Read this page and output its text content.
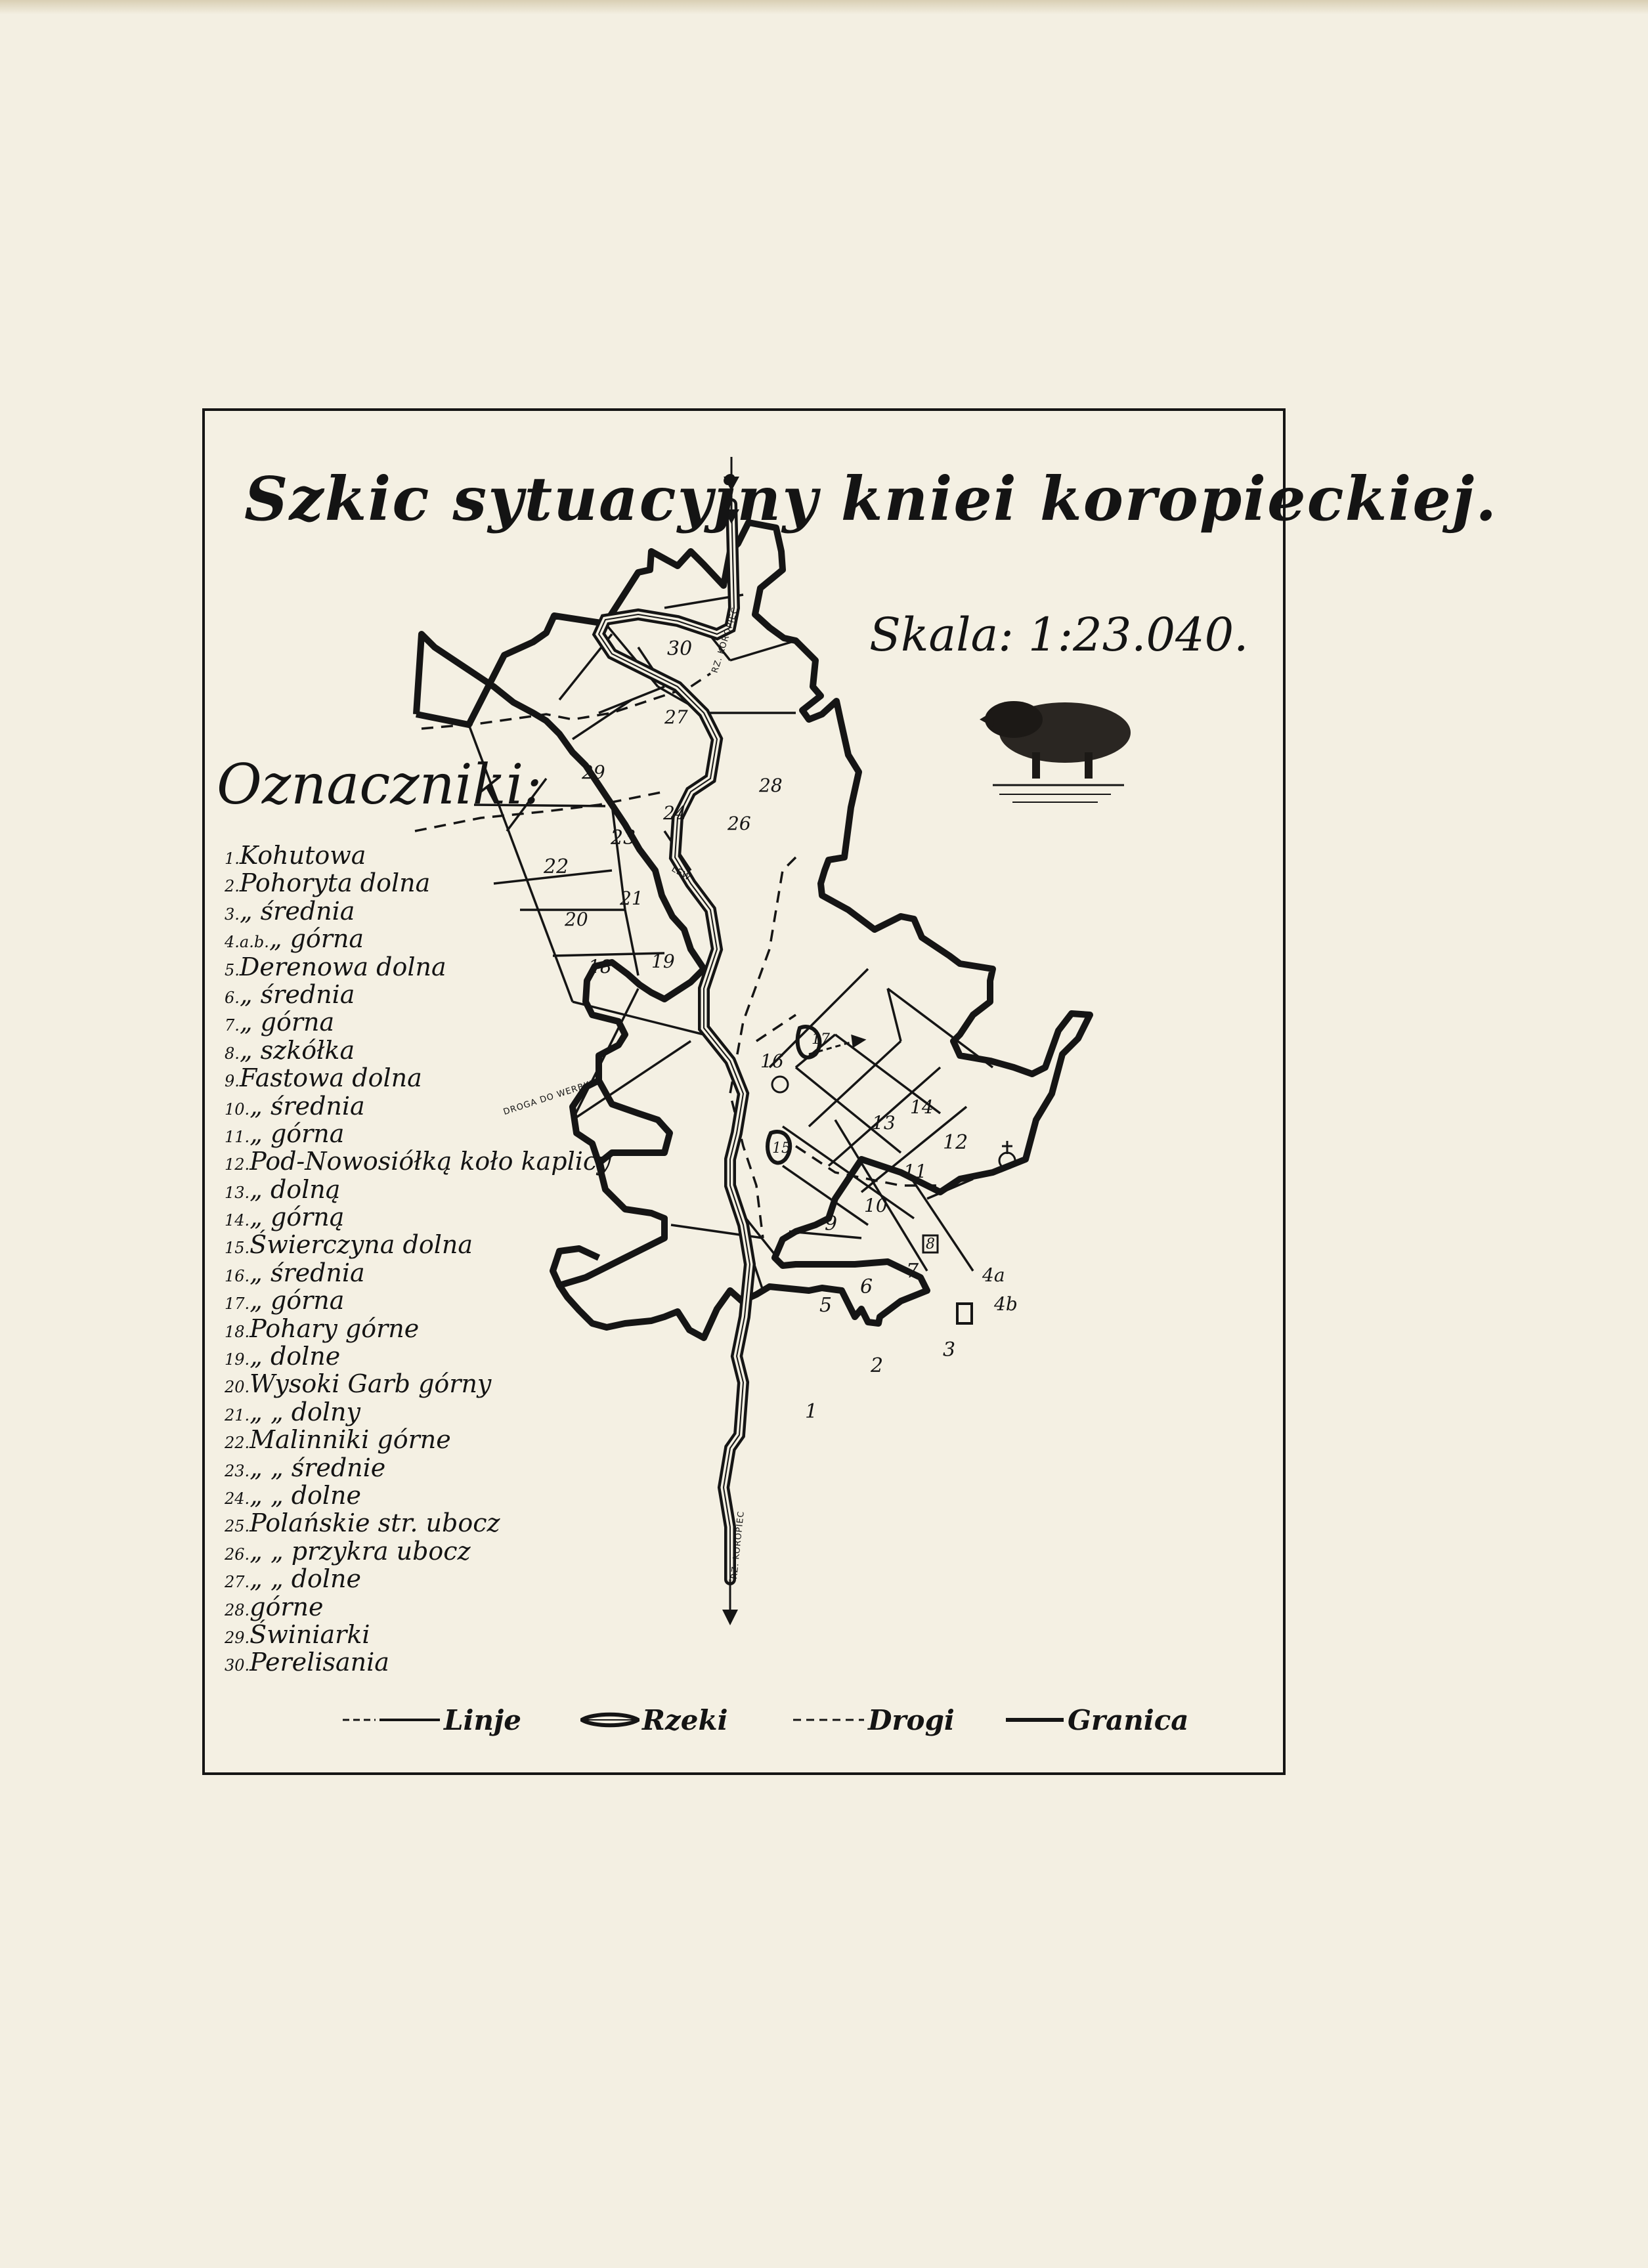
30
27
28
29
26
24
23
22
21
20
18 19
17
16
15
14
13
12
11
10
9
8
7
6
5
4a
4b
3
2
1
DROGA DO WERBKI
LEW
RZ. KOROPIEC
RZ. KOROPIEC
Szkic sytuacyjny kniei koropieckiej.
Skala: 1:23.040.
Oznaczniki:
1.Kohutowa
2.Pohoryta dolna
3.„ średnia
4.a.b.„ górna
5.Derenowa dolna
6.„ średnia
7.„ górna
8.„ szkółka
9.Fastowa dolna
10.„ średnia
11.„ górna
12.Pod-Nowosiółką koło kaplicy
13.„ dolną
14.„ górną
15.Świerczyna dolna
16.„ średnia
17.„ górna
18.Pohary górne
19.„ dolne
20.Wysoki Garb górny
21.„ „ dolny
22.Malinniki górne
23.„ „ średnie
24.„ „ dolne
25.Polańskie str. ubocz
26.„ „ przykra ubocz
27.„ „ dolne
28.górne
29.Świniarki
30.Perelisania
Linje	Rzeki	Drogi	Granica
